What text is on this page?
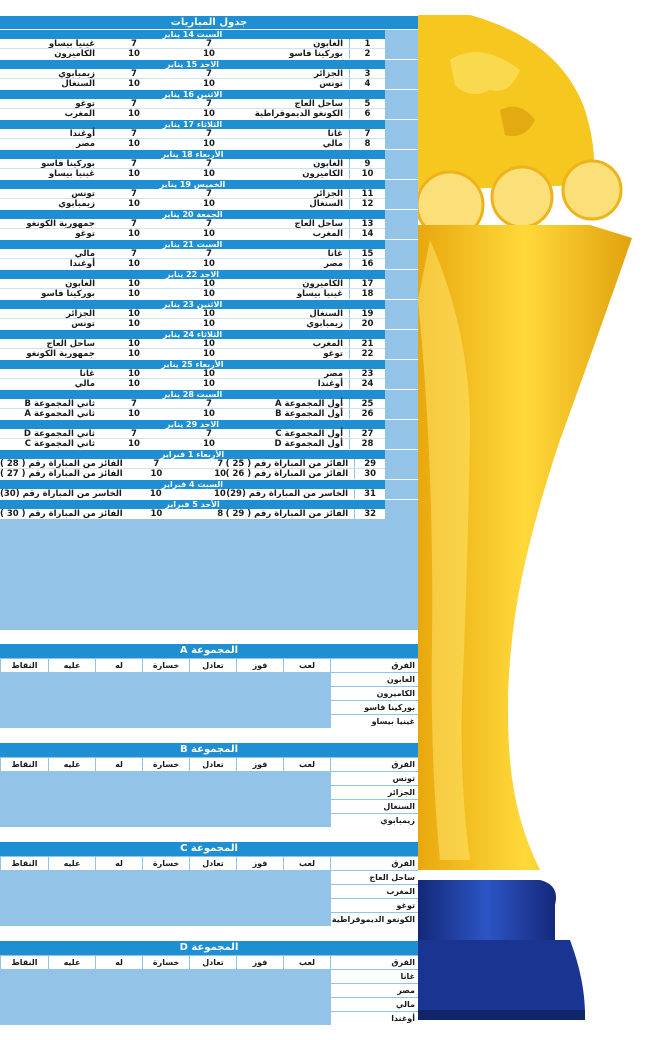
جدول المباريات
السبت 14 يناير
1
الغابون
7
7
غينيا بيساو
2
بوركينا فاسو
10
10
الكاميرون
الاحد 15 يناير
3
الجزائر
7
7
زيمبابوي
4
تونس
10
10
السنغال
الاثنين 16 يناير
5
ساحل العاج
7
7
توغو
6
الكونغو الديموقراطية
10
10
المغرب
الثلاثاء 17 يناير
7
غانا
7
7
أوغندا
8
مالي
10
10
مصر
الأربعاء 18 يناير
9
الغابون
7
7
بوركينا فاسو
10
الكاميرون
10
10
غينيا بيساو
الخميس 19 يناير
11
الجزائر
7
7
تونس
12
السنغال
10
10
زيمبابوي
الجمعة 20 يناير
13
ساحل العاج
7
7
جمهورية الكونغو
14
المغرب
10
10
توغو
السبت 21 يناير
15
غانا
7
7
مالي
16
مصر
10
10
أوغندا
الاحد 22 يناير
17
الكاميرون
10
10
الغابون
18
غينيا بيساو
10
10
بوركينا فاسو
الاثنين 23 يناير
19
السنغال
10
10
الجزائر
20
زيمبابوي
10
10
تونس
الثلاثاء 24 يناير
21
المغرب
10
10
ساحل العاج
22
توغو
10
10
جمهورية الكونغو
الأربعاء 25 يناير
23
مصر
10
10
غانا
24
أوغندا
10
10
مالي
السبت 28 يناير
25
أول المجموعة A
7
7
ثاني المجموعة B
26
أول المجموعة B
10
10
ثاني المجموعة A
الاحد 29 يناير
27
أول المجموعة C
7
7
ثاني المجموعة D
28
أول المجموعة D
10
10
ثاني المجموعة C
الأربعاء 1 فبراير
29
الفائز من المباراة رقم ( 25 )
7
7
الفائز من المباراة رقم ( 28 )
30
الفائز من المباراة رقم ( 26 )
10
10
الفائز من المباراة رقم ( 27 )
السبت 4 فبراير
31
الخاسر من المباراة رقم (29)
10
10
الخاسر من المباراة رقم (30)
الأحد 5 فبراير
32
الفائز من المباراة رقم ( 29 )
8
10
الفائز من المباراة رقم ( 30 )
المجموعة A
الفرق
لعب
فوز
تعادل
خسارة
له
عليه
النقاط
الغابون
الكاميرون
بوركينا فاسو
غينيا بيساو
المجموعة B
الفرق
لعب
فوز
تعادل
خسارة
له
عليه
النقاط
تونس
الجزائر
السنغال
زيمبابوي
المجموعة C
الفرق
لعب
فوز
تعادل
خسارة
له
عليه
النقاط
ساحل العاج
المغرب
توغو
الكونغو الديموقراطية
المجموعة D
الفرق
لعب
فوز
تعادل
خسارة
له
عليه
النقاط
غانا
مصر
مالي
أوغندا
